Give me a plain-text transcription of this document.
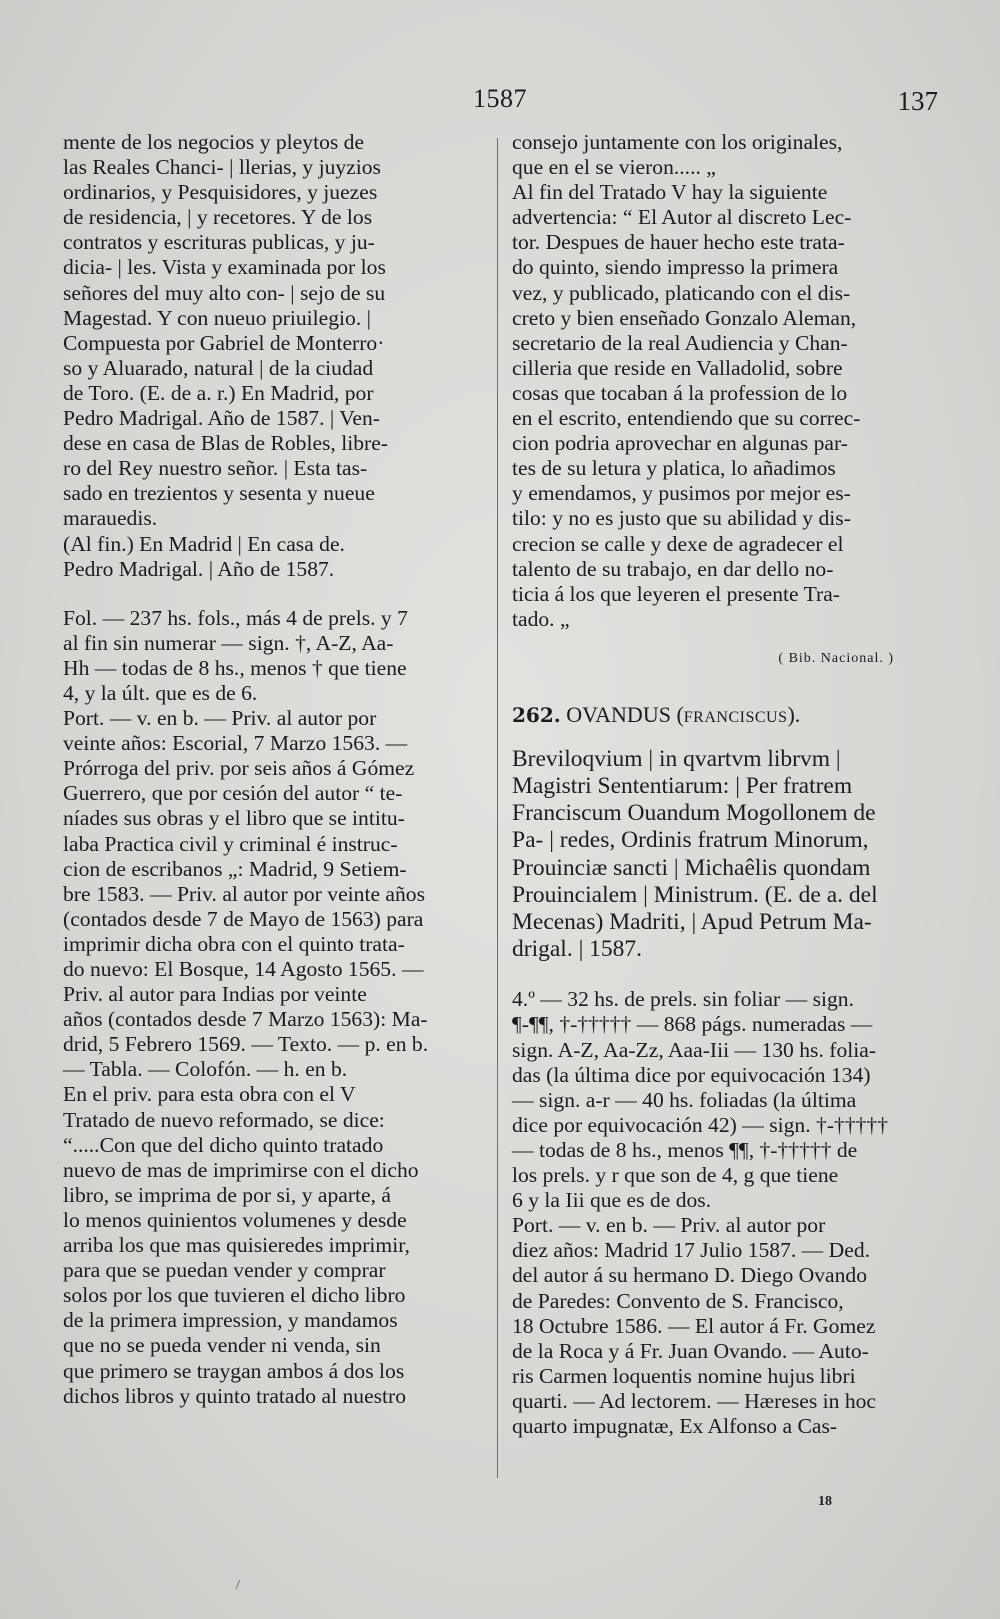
1587	137
mente de los negocios y pleytos de
las Reales Chanci- | llerias, y juyzios
ordinarios, y Pesquisidores, y juezes
de residencia, | y recetores. Y de los
contratos y escrituras publicas, y ju-
dicia- | les. Vista y examinada por los
señores del muy alto con- | sejo de su
Magestad. Y con nueuo priuilegio. |
Compuesta por Gabriel de Monterro·
so y Aluarado, natural | de la ciudad
de Toro. (E. de a. r.) En Madrid, por
Pedro Madrigal. Año de 1587. | Ven-
dese en casa de Blas de Robles, libre-
ro del Rey nuestro señor. | Esta tas-
sado en trezientos y sesenta y nueue
marauedis.
(Al fin.) En Madrid | En casa de.
Pedro Madrigal. | Año de 1587.
Fol. — 237 hs. fols., más 4 de prels. y 7
al fin sin numerar — sign. †, A-Z, Aa-
Hh — todas de 8 hs., menos † que tiene
4, y la últ. que es de 6.
Port. — v. en b. — Priv. al autor por
veinte años: Escorial, 7 Marzo 1563. —
Prórroga del priv. por seis años á Gómez
Guerrero, que por cesión del autor “ te-
níades sus obras y el libro que se intitu-
laba Practica civil y criminal é instruc-
cion de escribanos „: Madrid, 9 Setiem-
bre 1583. — Priv. al autor por veinte años
(contados desde 7 de Mayo de 1563) para
imprimir dicha obra con el quinto trata-
do nuevo: El Bosque, 14 Agosto 1565. —
Priv. al autor para Indias por veinte
años (contados desde 7 Marzo 1563): Ma-
drid, 5 Febrero 1569. — Texto. — p. en b.
— Tabla. — Colofón. — h. en b.
En el priv. para esta obra con el V
Tratado de nuevo reformado, se dice:
“.....Con que del dicho quinto tratado
nuevo de mas de imprimirse con el dicho
libro, se imprima de por si, y aparte, á
lo menos quinientos volumenes y desde
arriba los que mas quisieredes imprimir,
para que se puedan vender y comprar
solos por los que tuvieren el dicho libro
de la primera impression, y mandamos
que no se pueda vender ni venda, sin
que primero se traygan ambos á dos los
dichos libros y quinto tratado al nuestro
consejo juntamente con los originales,
que en el se vieron..... „
Al fin del Tratado V hay la siguiente
advertencia: “ El Autor al discreto Lec-
tor. Despues de hauer hecho este trata-
do quinto, siendo impresso la primera
vez, y publicado, platicando con el dis-
creto y bien enseñado Gonzalo Aleman,
secretario de la real Audiencia y Chan-
cilleria que reside en Valladolid, sobre
cosas que tocaban á la profession de lo
en el escrito, entendiendo que su correc-
cion podria aprovechar en algunas par-
tes de su letura y platica, lo añadimos
y emendamos, y pusimos por mejor es-
tilo: y no es justo que su abilidad y dis-
crecion se calle y dexe de agradecer el
talento de su trabajo, en dar dello no-
ticia á los que leyeren el presente Tra-
tado. „
( Bib. Nacional. )
262. OVANDUS (FRANCISCUS).
Breviloqvium | in qvartvm librvm |
Magistri Sententiarum: | Per fratrem
Franciscum Ouandum Mogollonem de
Pa- | redes, Ordinis fratrum Minorum,
Prouinciæ sancti | Michaêlis quondam
Prouincialem | Ministrum. (E. de a. del
Mecenas) Madriti, | Apud Petrum Ma-
drigal. | 1587.
4.º — 32 hs. de prels. sin foliar — sign.
¶-¶¶, †-††††† — 868 págs. numeradas —
sign. A-Z, Aa-Zz, Aaa-Iii — 130 hs. folia-
das (la última dice por equivocación 134)
— sign. a-r — 40 hs. foliadas (la última
dice por equivocación 42) — sign. †-†††††
— todas de 8 hs., menos ¶¶, †-††††† de
los prels. y r que son de 4, g que tiene
6 y la Iii que es de dos.
Port. — v. en b. — Priv. al autor por
diez años: Madrid 17 Julio 1587. — Ded.
del autor á su hermano D. Diego Ovando
de Paredes: Convento de S. Francisco,
18 Octubre 1586. — El autor á Fr. Gomez
de la Roca y á Fr. Juan Ovando. — Auto-
ris Carmen loquentis nomine hujus libri
quarti. — Ad lectorem. — Hæreses in hoc
quarto impugnatæ, Ex Alfonso a Cas-
18
/
